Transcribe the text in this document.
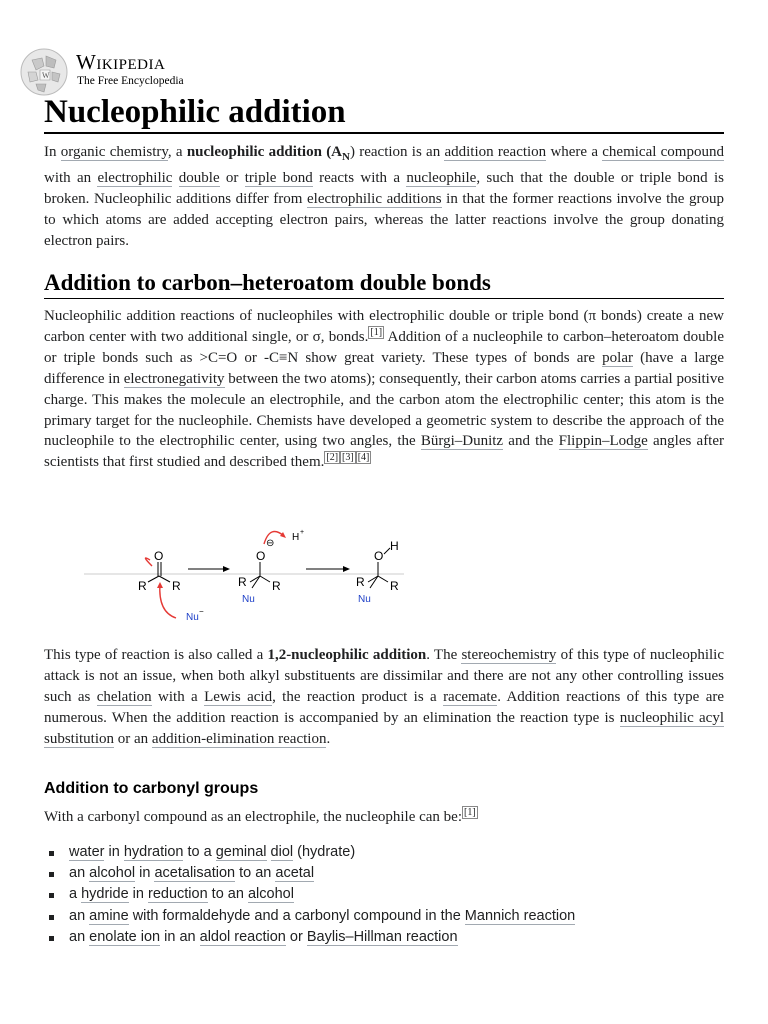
W
Wikipedia
The Free Encyclopedia
Nucleophilic addition

In organic chemistry, a nucleophilic addition $(A_N)$ reaction is an addition reaction where a chemical compound with an electrophilic double or triple bond reacts with a nucleophile, such that the double or triple bond is broken. Nucleophilic additions differ from electrophilic additions in that the former reactions involve the group to which atoms are added accepting electron pairs, whereas the latter reactions involve the group donating electron pairs.

Addition to carbon–heteroatom double bonds

Nucleophilic addition reactions of nucleophiles with electrophilic double or triple bond (π bonds) create a new carbon center with two additional single, or σ, bonds. [1] Addition of a nucleophile to carbon–heteroatom double or triple bonds such as >C=O or -C≡N show great variety. These types of bonds are polar (have a large difference in electronegativity between the two atoms); consequently, their carbon atoms carries a partial positive charge. This makes the molecule an electrophile, and the carbon atom the electrophilic center; this atom is the primary target for the nucleophile. Chemists have developed a geometric system to describe the approach of the nucleophile to the electrophilic center, using two angles, the Bürgi–Dunitz and the Flippin–Lodge angles after scientists that first studied and described them. [2] [3] [4]

O
R R
Nu
−
O
⊖
H +
R R
Nu
O
H
R R
Nu

This type of reaction is also called a 1,2-nucleophilic addition. The stereochemistry of this type of nucleophilic attack is not an issue, when both alkyl substituents are dissimilar and there are not any other controlling issues such as chelation with a Lewis acid, the reaction product is a racemate. Addition reactions of this type are numerous. When the addition reaction is accompanied by an elimination the reaction type is nucleophilic acyl substitution or an addition-elimination reaction.

Addition to carbonyl groups

With a carbonyl compound as an electrophile, the nucleophile can be: [1]

water in hydration to a geminal diol (hydrate)
an alcohol in acetalisation to an acetal
a hydride in reduction to an alcohol
an amine with formaldehyde and a carbonyl compound in the Mannich reaction
an enolate ion in an aldol reaction or Baylis–Hillman reaction
